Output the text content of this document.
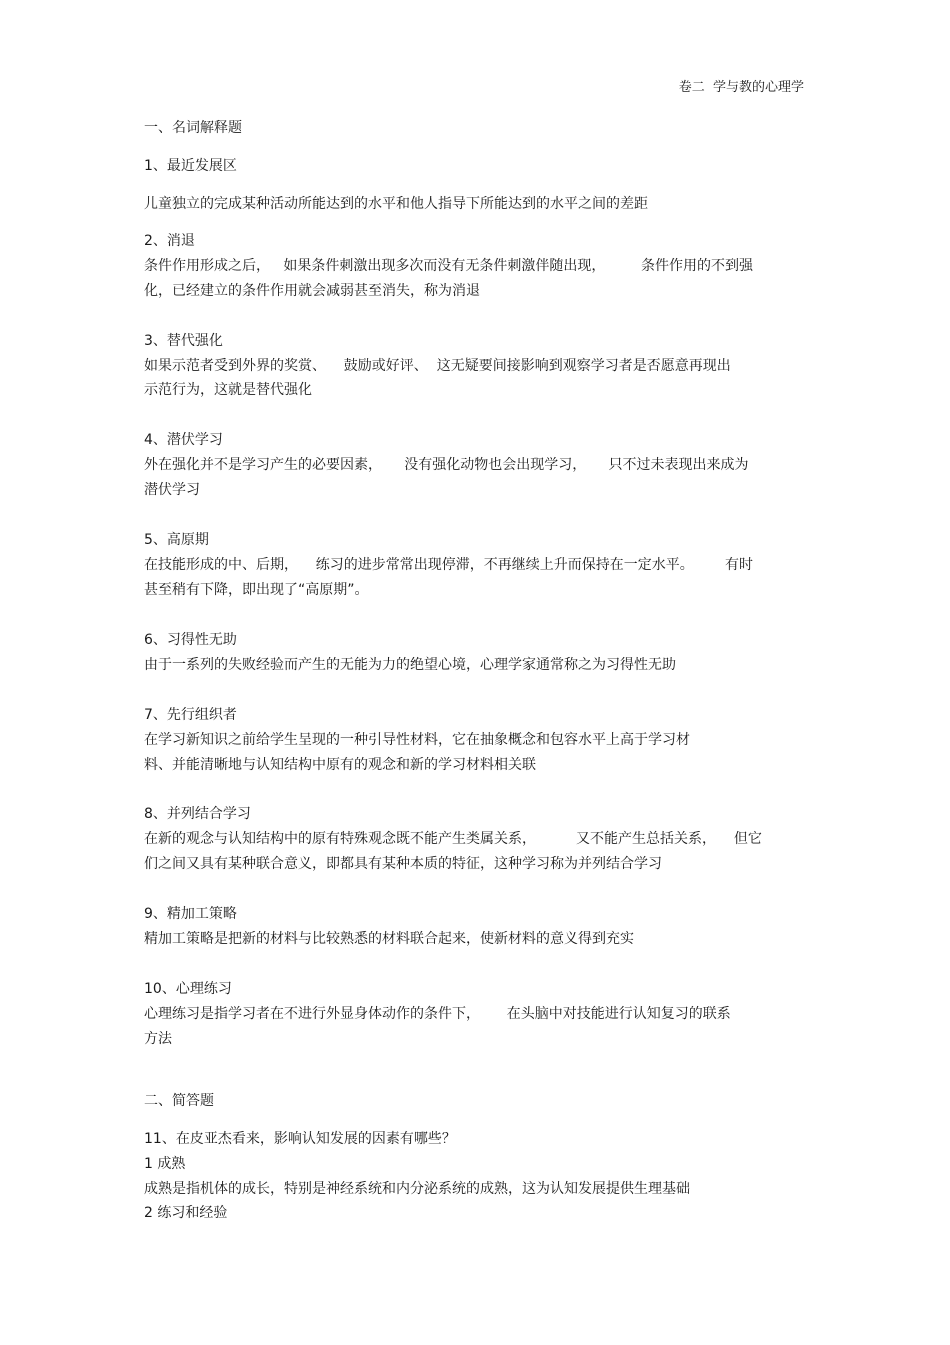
卷二  学与教的心理学
一、名词解释题
1、最近发展区
儿童独立的完成某种活动所能达到的水平和他人指导下所能达到的水平之间的差距
2、消退
条件作用形成之后，   如果条件刺激出现多次而没有无条件刺激伴随出现，        条件作用的不到强
化，已经建立的条件作用就会减弱甚至消失，称为消退
3、替代强化
如果示范者受到外界的奖赏、    鼓励或好评、  这无疑要间接影响到观察学习者是否愿意再现出
示范行为，这就是替代强化
4、潜伏学习
外在强化并不是学习产生的必要因素，     没有强化动物也会出现学习，     只不过未表现出来成为
潜伏学习
5、高原期
在技能形成的中、后期，    练习的进步常常出现停滞，不再继续上升而保持在一定水平。       有时
甚至稍有下降，即出现了“高原期”。
6、习得性无助
由于一系列的失败经验而产生的无能为力的绝望心境，心理学家通常称之为习得性无助
7、先行组织者
在学习新知识之前给学生呈现的一种引导性材料，它在抽象概念和包容水平上高于学习材
料、并能清晰地与认知结构中原有的观念和新的学习材料相关联
8、并列结合学习
在新的观念与认知结构中的原有特殊观念既不能产生类属关系，         又不能产生总括关系，    但它
们之间又具有某种联合意义，即都具有某种本质的特征，这种学习称为并列结合学习
9、精加工策略
精加工策略是把新的材料与比较熟悉的材料联合起来，使新材料的意义得到充实
10、心理练习
心理练习是指学习者在不进行外显身体动作的条件下，      在头脑中对技能进行认知复习的联系
方法
二、简答题
11、在皮亚杰看来，影响认知发展的因素有哪些？
1 成熟
成熟是指机体的成长，特别是神经系统和内分泌系统的成熟，这为认知发展提供生理基础
2 练习和经验
